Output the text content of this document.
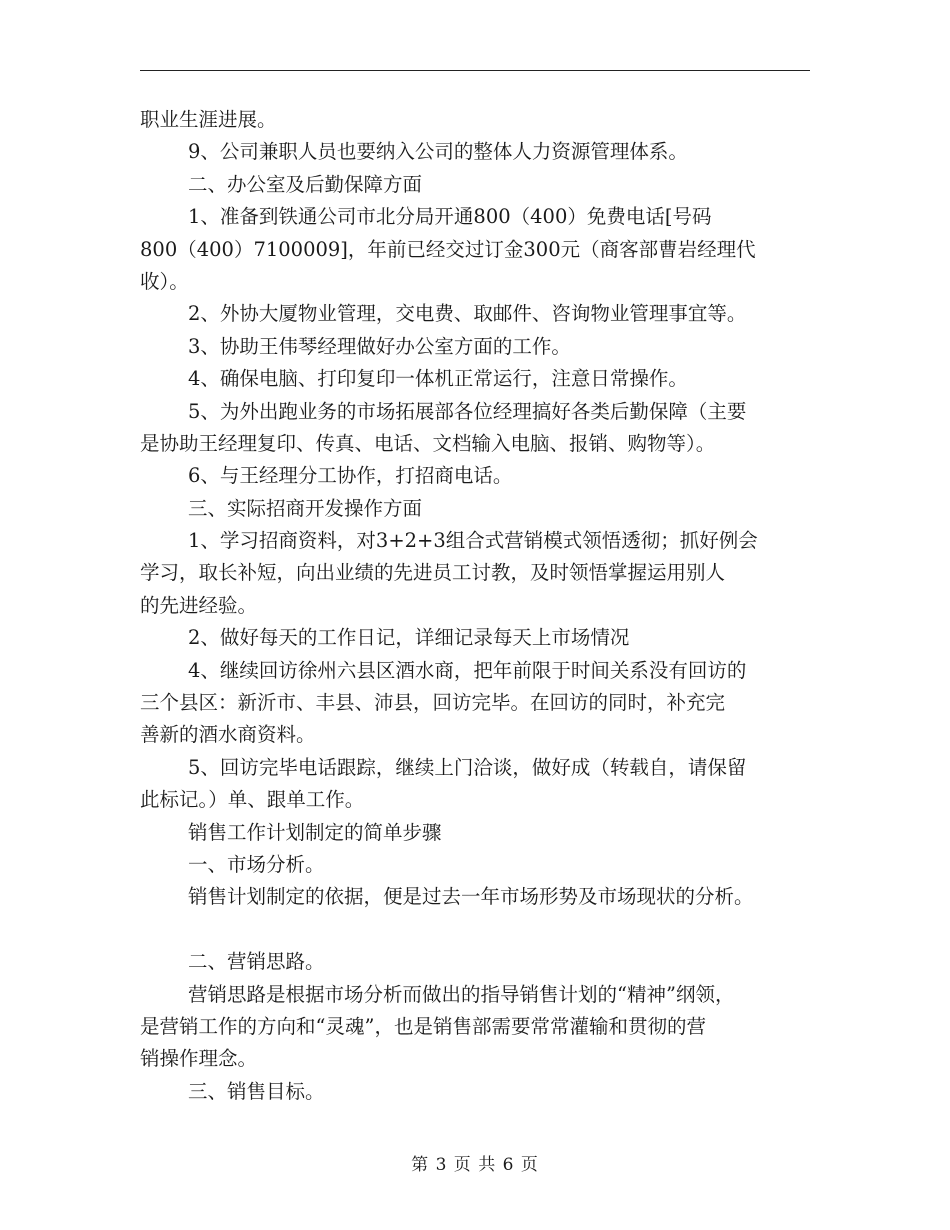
职业生涯进展。
9、公司兼职人员也要纳入公司的整体人力资源管理体系。
二、办公室及后勤保障方面
1、准备到铁通公司市北分局开通800（400）免费电话[号码
800（400）7100009]，年前已经交过订金300元（商客部曹岩经理代
收）。
2、外协大厦物业管理，交电费、取邮件、咨询物业管理事宜等。
3、协助王伟琴经理做好办公室方面的工作。
4、确保电脑、打印复印一体机正常运行，注意日常操作。
5、为外出跑业务的市场拓展部各位经理搞好各类后勤保障（主要
是协助王经理复印、传真、电话、文档输入电脑、报销、购物等）。
6、与王经理分工协作，打招商电话。
三、实际招商开发操作方面
1、学习招商资料，对3+2+3组合式营销模式领悟透彻；抓好例会
学习，取长补短，向出业绩的先进员工讨教，及时领悟掌握运用别人
的先进经验。
2、做好每天的工作日记，详细记录每天上市场情况
4、继续回访徐州六县区酒水商，把年前限于时间关系没有回访的
三个县区：新沂市、丰县、沛县，回访完毕。在回访的同时，补充完
善新的酒水商资料。
5、回访完毕电话跟踪，继续上门洽谈，做好成（转载自，请保留
此标记。）单、跟单工作。
销售工作计划制定的简单步骤
一、市场分析。
销售计划制定的依据，便是过去一年市场形势及市场现状的分析。
二、营销思路。
营销思路是根据市场分析而做出的指导销售计划的“精神”纲领，
是营销工作的方向和“灵魂”，也是销售部需要常常灌输和贯彻的营
销操作理念。
三、销售目标。
第 3 页 共 6 页
